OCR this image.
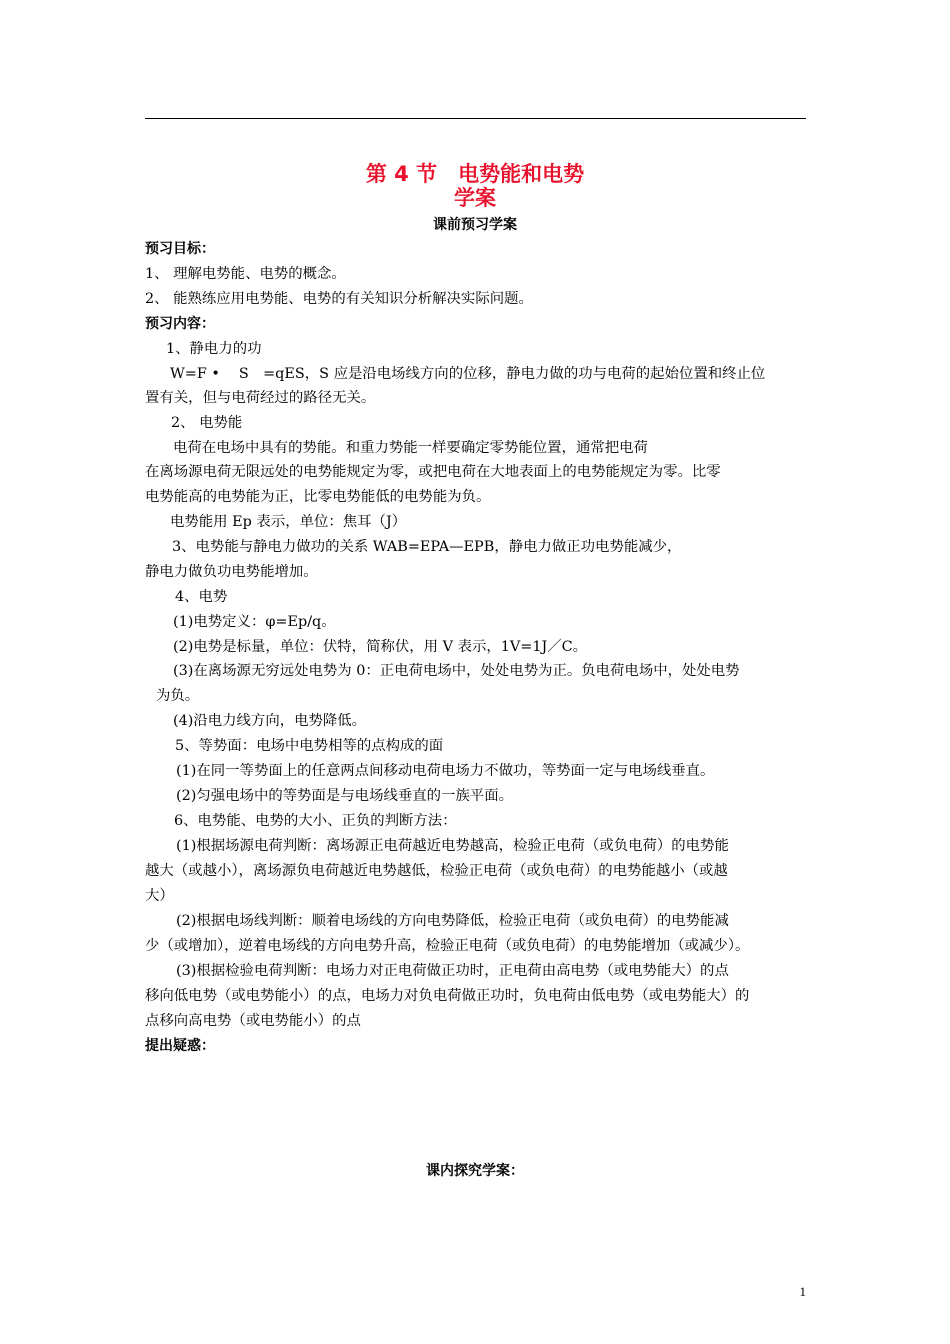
第 4 节　电势能和电势
学案
课前预习学案
预习目标：
1、 理解电势能、电势的概念。
2、 能熟练应用电势能、电势的有关知识分析解决实际问题。
预习内容：
1、静电力的功
W=F •　 S　=qES，S 应是沿电场线方向的位移，静电力做的功与电荷的起始位置和终止位
置有关，但与电荷经过的路径无关。
2、 电势能
电荷在电场中具有的势能。和重力势能一样要确定零势能位置，通常把电荷
在离场源电荷无限远处的电势能规定为零，或把电荷在大地表面上的电势能规定为零。比零
电势能高的电势能为正，比零电势能低的电势能为负。
电势能用 Ep 表示，单位：焦耳（J）
3、电势能与静电力做功的关系 WAB=EPA—EPB，静电力做正功电势能减少，
静电力做负功电势能增加。
4、电势
(1)电势定义：φ=Ep/q。
(2)电势是标量，单位：伏特，简称伏，用 V 表示，1V=1J／C。
(3)在离场源无穷远处电势为 0：正电荷电场中，处处电势为正。负电荷电场中，处处电势
为负。
(4)沿电力线方向，电势降低。
5、等势面：电场中电势相等的点构成的面
(1)在同一等势面上的任意两点间移动电荷电场力不做功，等势面一定与电场线垂直。
(2)匀强电场中的等势面是与电场线垂直的一族平面。
6、电势能、电势的大小、正负的判断方法：
(1)根据场源电荷判断：离场源正电荷越近电势越高，检验正电荷（或负电荷）的电势能
越大（或越小），离场源负电荷越近电势越低，检验正电荷（或负电荷）的电势能越小（或越
大）
(2)根据电场线判断：顺着电场线的方向电势降低，检验正电荷（或负电荷）的电势能减
少（或增加），逆着电场线的方向电势升高，检验正电荷（或负电荷）的电势能增加（或减少）。
(3)根据检验电荷判断：电场力对正电荷做正功时，正电荷由高电势（或电势能大）的点
移向低电势（或电势能小）的点，电场力对负电荷做正功时，负电荷由低电势（或电势能大）的
点移向高电势（或电势能小）的点
提出疑惑：
课内探究学案：
1
